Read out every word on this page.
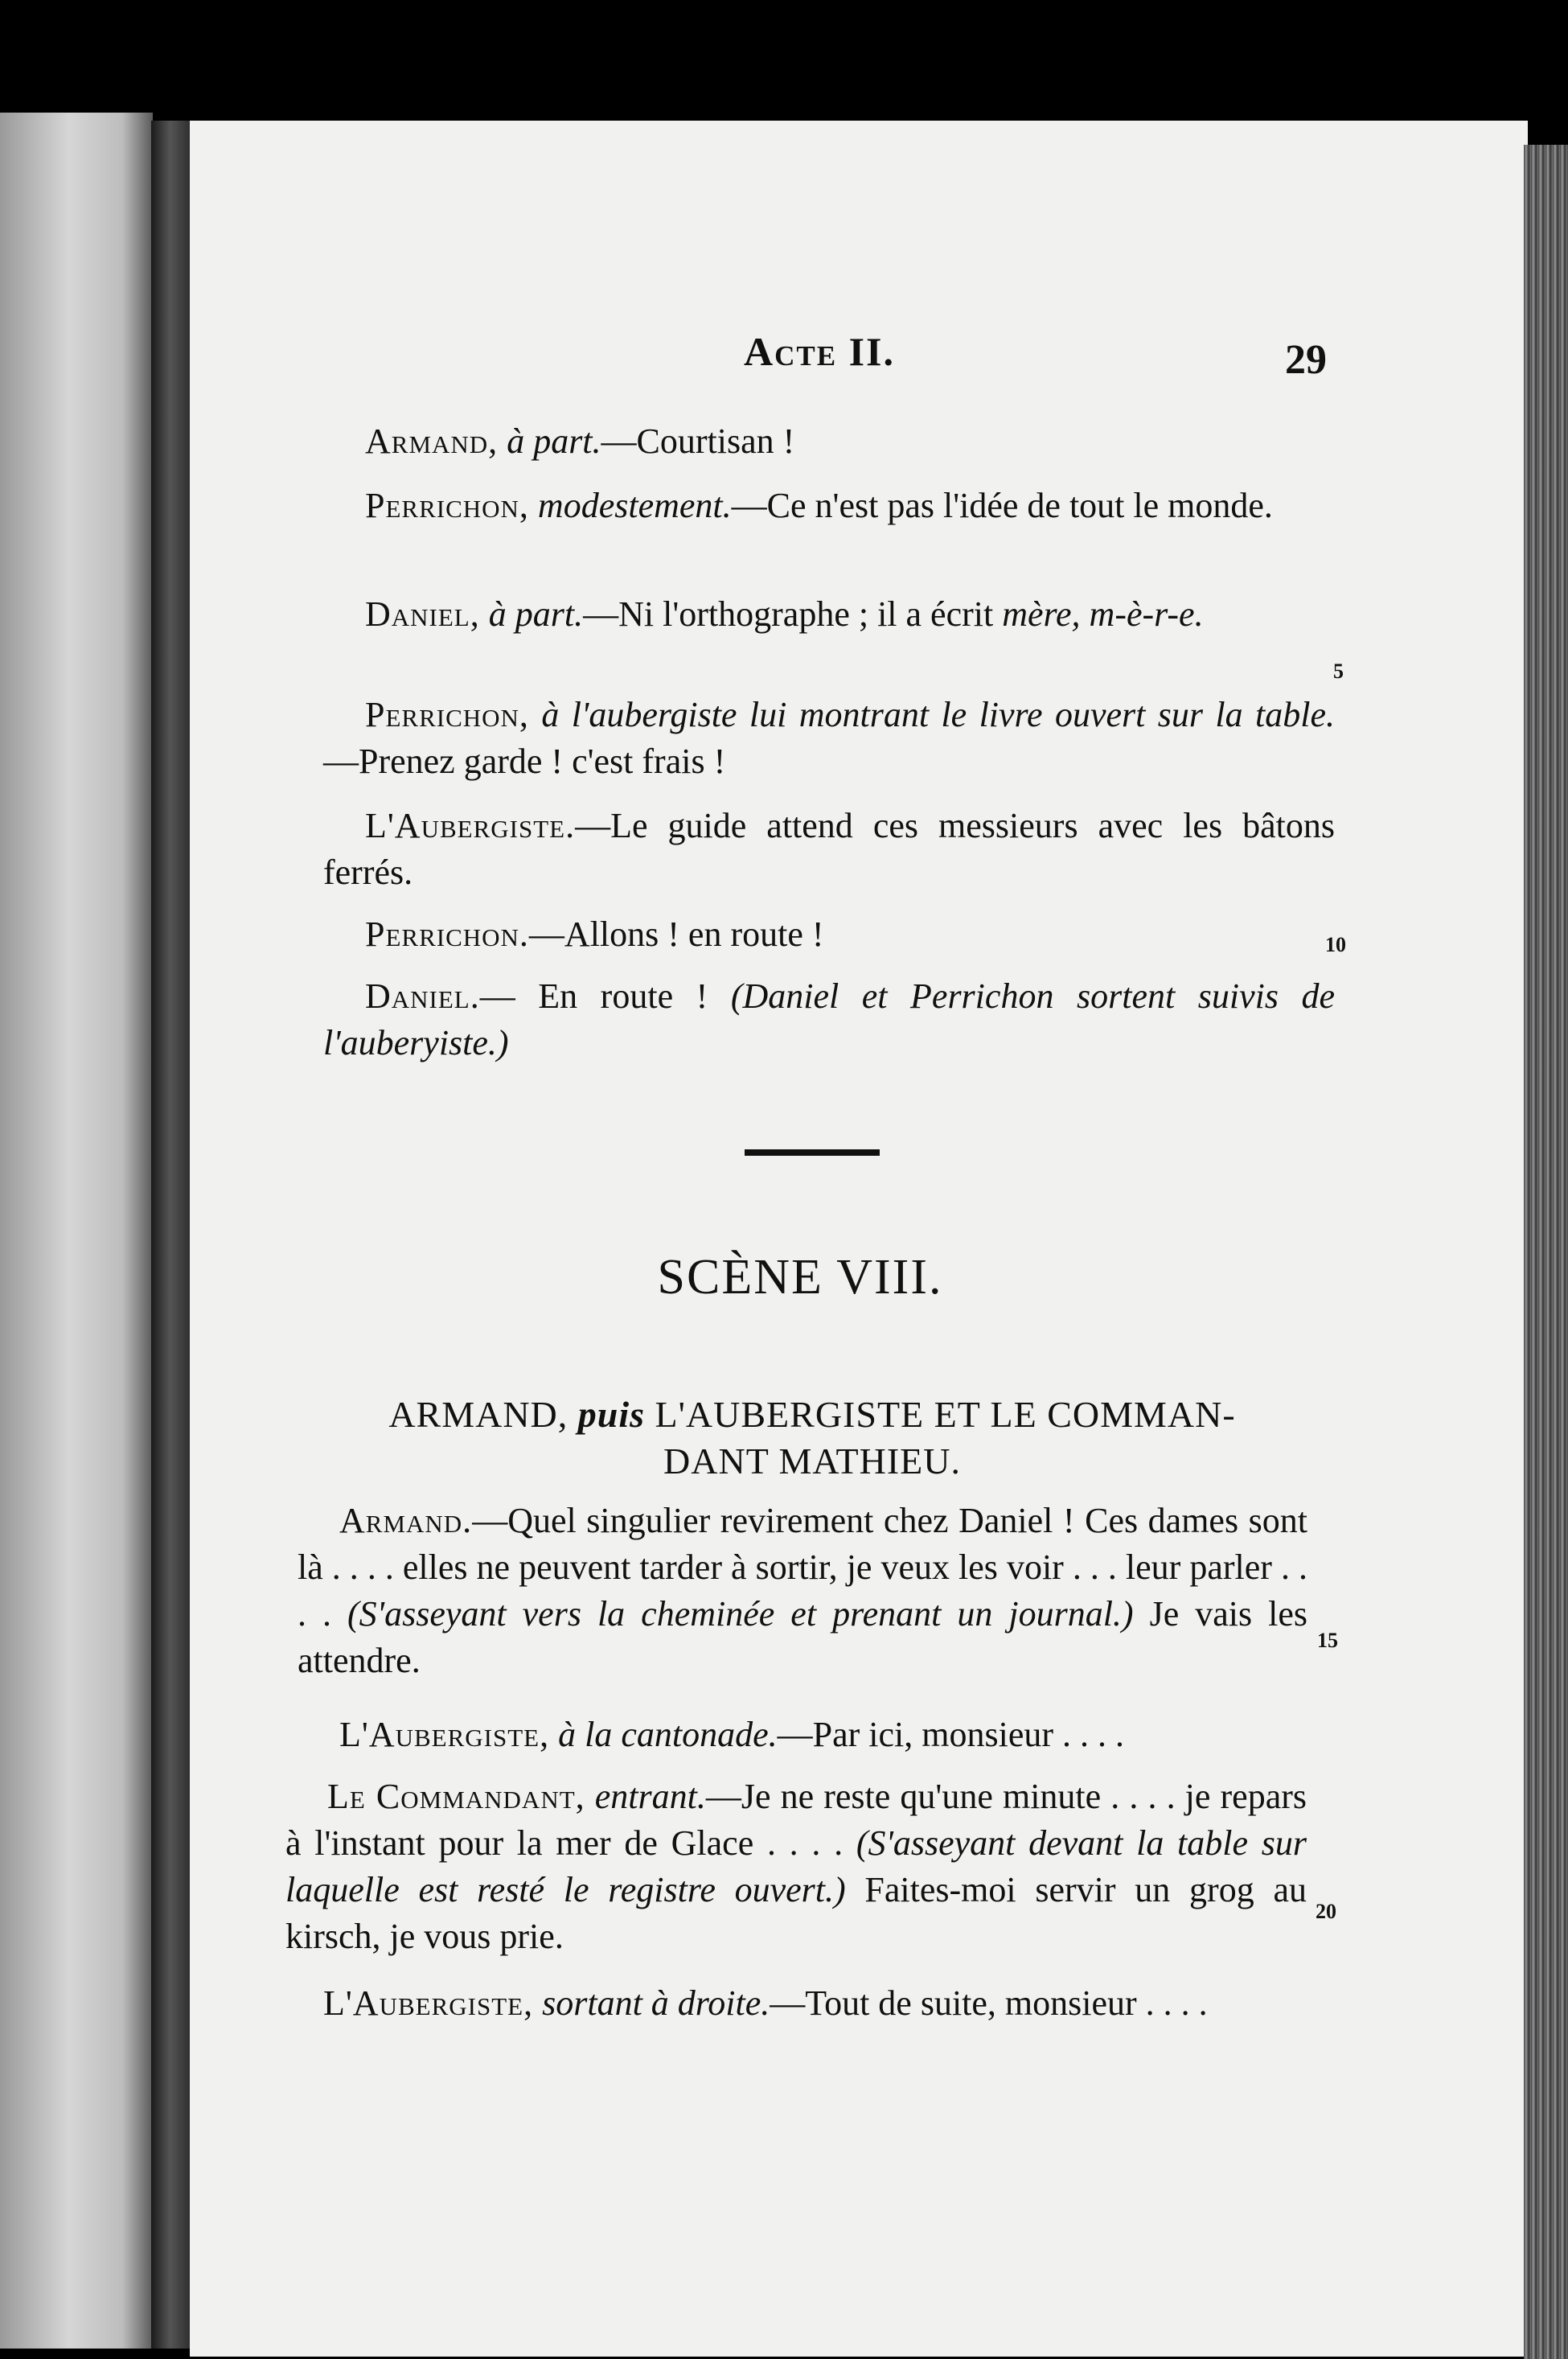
Acte II.	29

Armand, à part.—Courtisan !

Perrichon, modestement.—Ce n'est pas l'idée de tout le monde.

Daniel, à part.—Ni l'orthographe ; il a écrit mère, m-è-r-e.

5

Perrichon, à l'aubergiste lui montrant le livre ouvert sur la table.—Prenez garde ! c'est frais !

L'Aubergiste.—Le guide attend ces messieurs avec les bâtons ferrés.

Perrichon.—Allons ! en route !	10

Daniel.— En route ! (Daniel et Perrichon sortent suivis de l'auberyiste.)

SCÈNE VIII.
ARMAND, puis L'AUBERGISTE ET LE COMMAN-
DANT MATHIEU.

Armand.—Quel singulier revirement chez Daniel ! Ces dames sont là . . . . elles ne peuvent tarder à sortir, je veux les voir . . . leur parler . . . . (S'asseyant vers la cheminée et prenant un journal.) Je vais les attendre.

15

L'Aubergiste, à la cantonade.—Par ici, monsieur . . . .

Le Commandant, entrant.—Je ne reste qu'une minute . . . . je repars à l'instant pour la mer de Glace . . . . (S'asseyant devant la table sur laquelle est resté le registre ouvert.) Faites-moi servir un grog au kirsch, je vous prie.

20

L'Aubergiste, sortant à droite.—Tout de suite, monsieur . . . .
